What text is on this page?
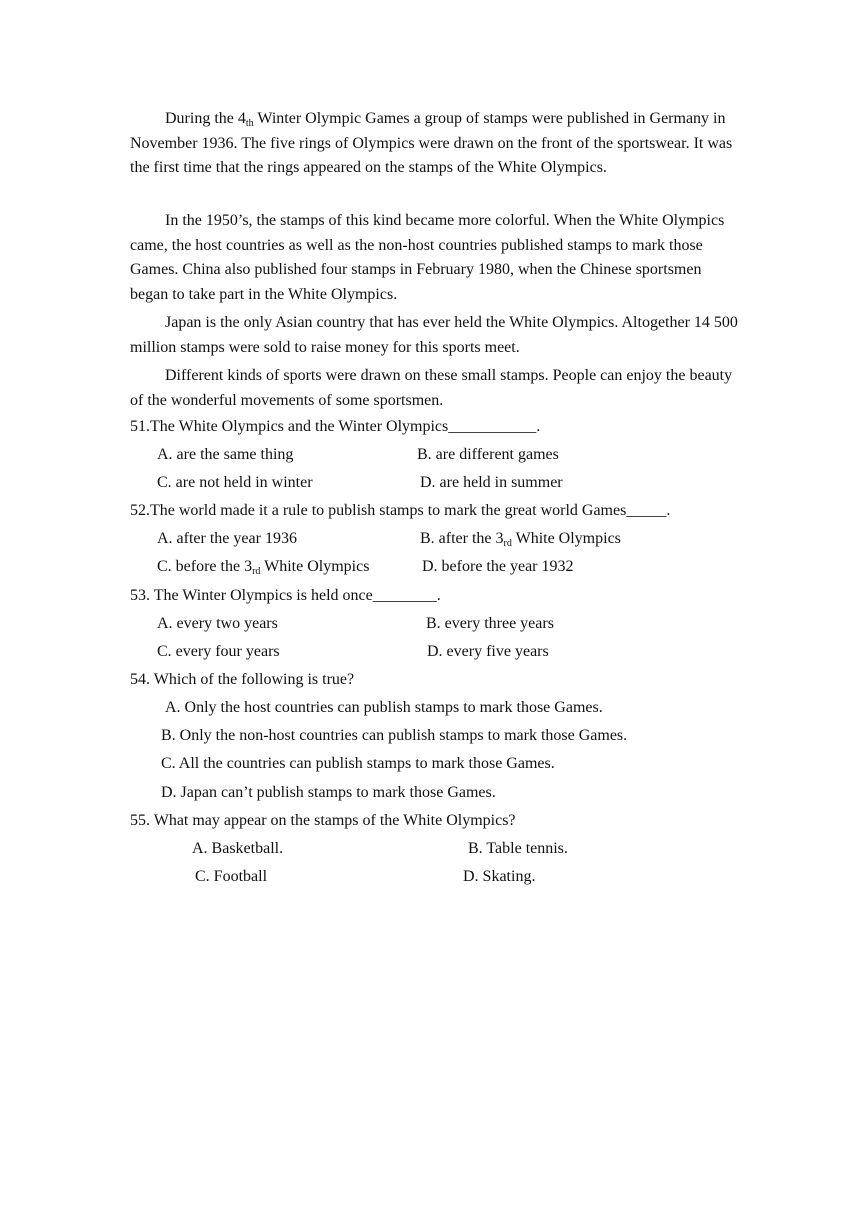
During the $4_{th}$ Winter Olympic Games a group of stamps were published in Germany in November 1936. The five rings of Olympics were drawn on the front of the sportswear. It was the first time that the rings appeared on the stamps of the White Olympics.

In the 1950’s, the stamps of this kind became more colorful. When the White Olympics came, the host countries as well as the non-host countries published stamps to mark those Games. China also published four stamps in February 1980, when the Chinese sportsmen began to take part in the White Olympics.

Japan is the only Asian country that has ever held the White Olympics. Altogether 14 500 million stamps were sold to raise money for this sports meet.

Different kinds of sports were drawn on these small stamps. People can enjoy the beauty of the wonderful movements of some sportsmen.

51.The White Olympics and the Winter Olympics___________.
A. are the same thing	B. are different games
C. are not held in winter	D. are held in summer
52.The world made it a rule to publish stamps to mark the great world Games_____.
A. after the year 1936	B. after the $3_{rd}$ White Olympics
C. before the $3_{rd}$ White Olympics	D. before the year 1932
53. The Winter Olympics is held once________.
A. every two years	B. every three years
C. every four years	D. every five years
54. Which of the following is true?
A. Only the host countries can publish stamps to mark those Games.
B. Only the non-host countries can publish stamps to mark those Games.
C. All the countries can publish stamps to mark those Games.
D. Japan can’t publish stamps to mark those Games.
55. What may appear on the stamps of the White Olympics?
A. Basketball.	B. Table tennis.
C. Football	D. Skating.
